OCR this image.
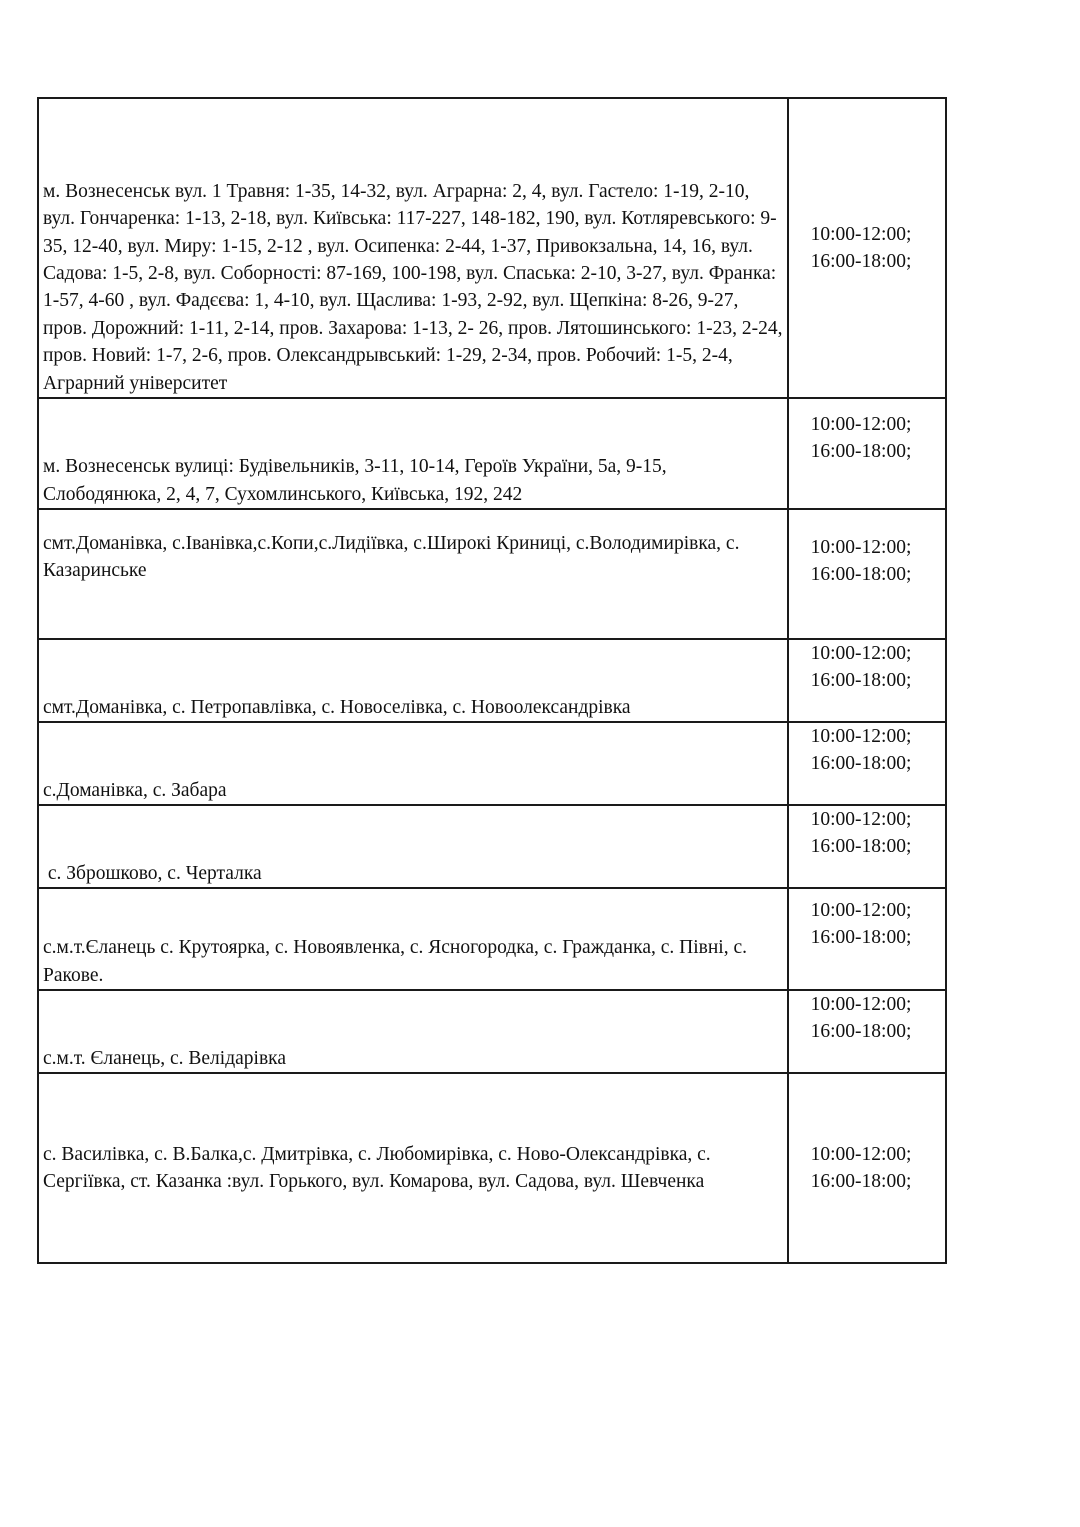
м. Вознесенськ вул. 1 Травня: 1-35, 14-32, вул. Аграрна: 2, 4, вул. Гастело: 1-19, 2-10, вул. Гончаренка: 1-13, 2-18, вул. Київська: 117-227, 148-182, 190, вул. Котляревського: 9-35, 12-40, вул. Миру: 1-15, 2-12 , вул. Осипенка: 2-44, 1-37, Привокзальна, 14, 16, вул. Садова: 1-5, 2-8, вул. Соборності: 87-169, 100-198, вул. Спаська: 2-10, 3-27, вул. Франка: 1-57, 4-60 , вул. Фадєєва: 1, 4-10, вул. Щаслива: 1-93, 2-92, вул. Щепкіна: 8-26, 9-27, пров. Дорожний: 1-11, 2-14, пров. Захарова: 1-13, 2- 26, пров. Лятошинського: 1-23, 2-24, пров. Новий: 1-7, 2-6, пров. Олександрывський: 1-29, 2-34, пров. Робочий: 1-5, 2-4, Аграрний університет	10:00-12:00;
16:00-18:00;

м. Вознесенськ вулиці: Будівельників, 3-11, 10-14, Героїв України, 5а, 9-15, Слободянюка, 2, 4, 7, Сухомлинського, Київська, 192, 242	10:00-12:00;
16:00-18:00;

смт.Доманівка, с.Іванівка,с.Копи,с.Лидіївка, с.Широкі Криниці, с.Володимирівка, с. Казаринське	10:00-12:00;
16:00-18:00;

смт.Доманівка, с. Петропавлівка, с. Новоселівка, с. Новоолександрівка	10:00-12:00;
16:00-18:00;

с.Доманівка, с. Забара	10:00-12:00;
16:00-18:00;

с. Зброшково, с. Черталка	10:00-12:00;
16:00-18:00;

с.м.т.Єланець с. Крутоярка, с. Новоявленка, с. Ясногородка, с. Гражданка, с. Півні, с. Ракове.	10:00-12:00;
16:00-18:00;

с.м.т. Єланець, с. Велідарівка	10:00-12:00;
16:00-18:00;

с. Василівка, с. В.Балка,с. Дмитрівка, с. Любомирівка, с. Ново-Олександрівка, с. Сергіївка, ст. Казанка :вул. Горького, вул. Комарова, вул. Садова, вул. Шевченка	10:00-12:00;
16:00-18:00;
